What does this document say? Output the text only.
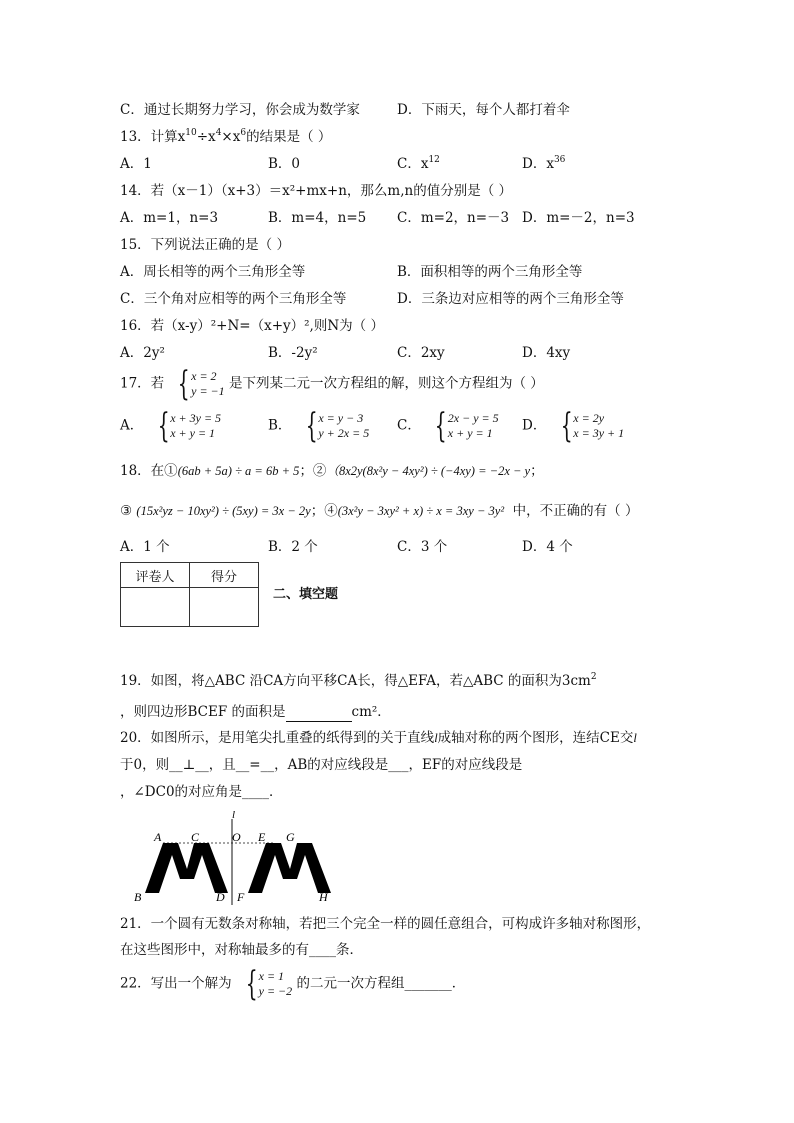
C．通过长期努力学习，你会成为数学家	D．下雨天，每个人都打着伞
13．计算$x^{10}\div x^4\times x^6$的结果是（ ）
A．1	B．0	C．$x^{12}$	D．$x^{36}$
14．若（x－1）（x+3）＝x²+mx+n，那么m,n的值分别是（ ）
A．m=1，n=3	B．m=4，n=5 C．m=2，n=－3 D．m=－2，n=3
15．下列说法正确的是（ ）
A．周长相等的两个三角形全等	B．面积相等的两个三角形全等
C．三个角对应相等的两个三角形全等	D．三条边对应相等的两个三角形全等
16．若（x-y）²+N=（x+y）²,则N为（ ）
A．2y²	B．-2y²	C．2xy	D．4xy
17．若 { x = 2
y = −1 是下列某二元一次方程组的解，则这个方程组为（ ）
A． { x + 3y = 5
x + y = 1	B． { x = y − 3
y + 2x = 5 C． { 2x − y = 5
x + y = 1	D． { x = 2y
x = 3y + 1
18．在①(6ab + 5a) ÷ a = 6b + 5；②（8x2y(8x²y − 4xy²) ÷ (−4xy) = −2x − y；
③ (15x²yz − 10xy²) ÷ (5xy) = 3x − 2y；④(3x²y − 3xy² + x) ÷ x = 3xy − 3y² 中，不正确的有（ ）
A．1 个	B．2 个	C．3 个	D．4 个
评卷人	得分

二、填空题
19．如图，将△ABC 沿CA方向平移CA长，得△EFA，若△ABC 的面积为$3cm^2$
，则四边形BCEF 的面积是	cm²．
20．如图所示，是用笔尖扎重叠的纸得到的关于直线l成轴对称的两个图形，连结CE交l
于0，则__⊥__，且__=__，AB的对应线段是___，EF的对应线段是
，∠DC0的对应角是____．
l
A C	O E G
B	D F	H
21．一个圆有无数条对称轴，若把三个完全一样的圆任意组合，可构成许多轴对称图形，
在这些图形中，对称轴最多的有____条．
22．写出一个解为 { x = 1
y = −2 的二元一次方程组_______．
